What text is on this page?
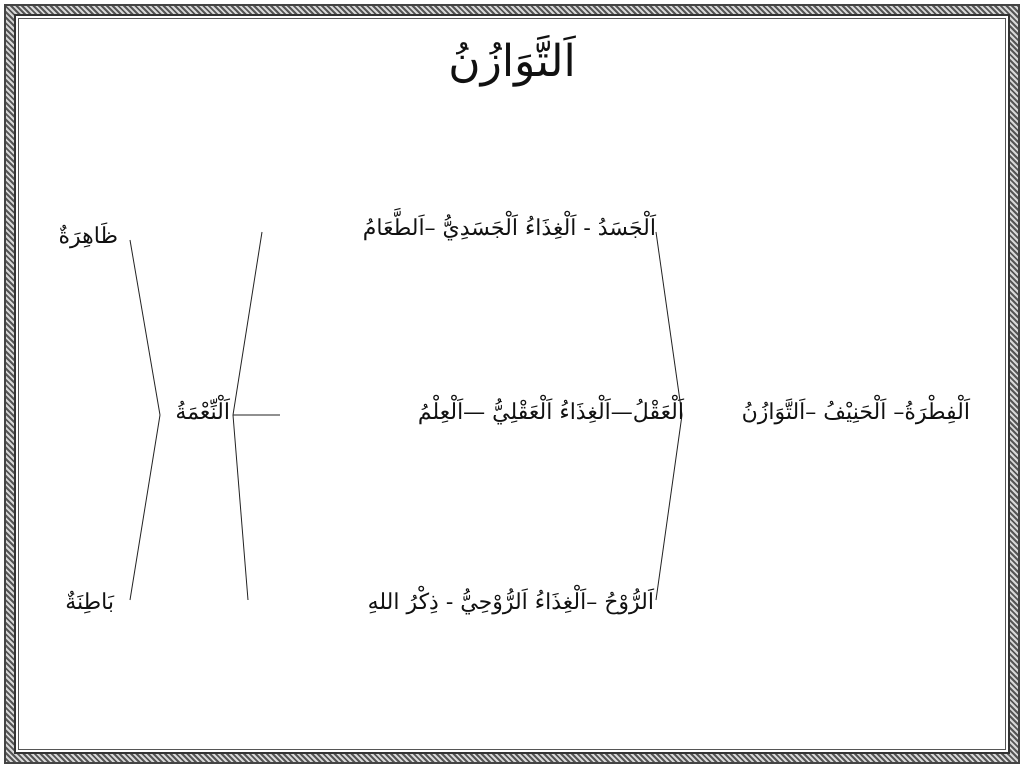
اَلتَّوَازُنُ
اَلْفِطْرَةُ– اَلْحَنِيْفُ –اَلتَّوَازُنُ
اَلْجَسَدُ - اَلْغِذَاءُ اَلْجَسَدِيُّ –اَلطَّعَامُ
اَلْعَقْلُ—اَلْغِذَاءُ اَلْعَقْلِيُّ —اَلْعِلْمُ
اَلرُّوْحُ –اَلْغِذَاءُ اَلرُّوْحِيُّ - ذِكْرُ اللهِ
اَلْنِّعْمَةُ
ظَاهِرَةٌ
بَاطِنَةٌ
